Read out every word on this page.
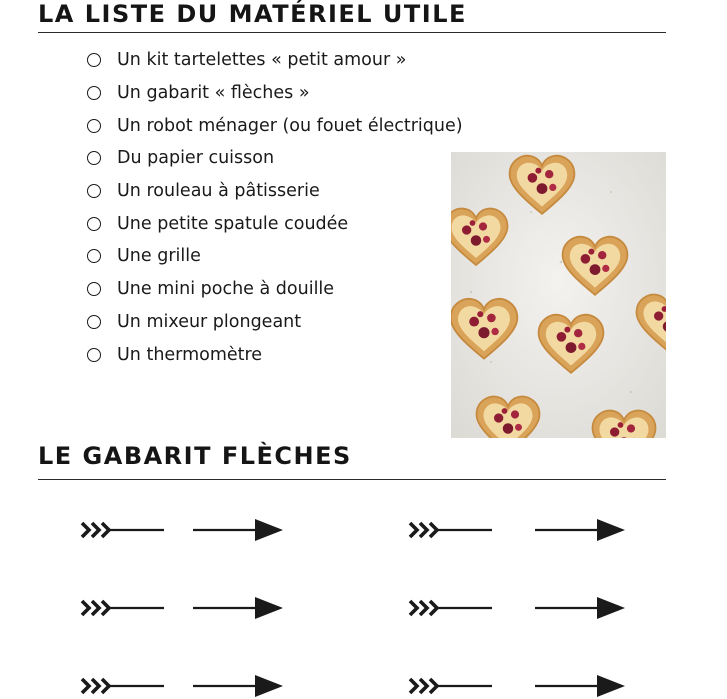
LA LISTE DU MATÉRIEL UTILE
Un kit tartelettes « petit amour »
Un gabarit « flèches »
Un robot ménager (ou fouet électrique)
Du papier cuisson
Un rouleau à pâtisserie
Une petite spatule coudée
Une grille
Une mini poche à douille
Un mixeur plongeant
Un thermomètre
LE GABARIT FLÈCHES
